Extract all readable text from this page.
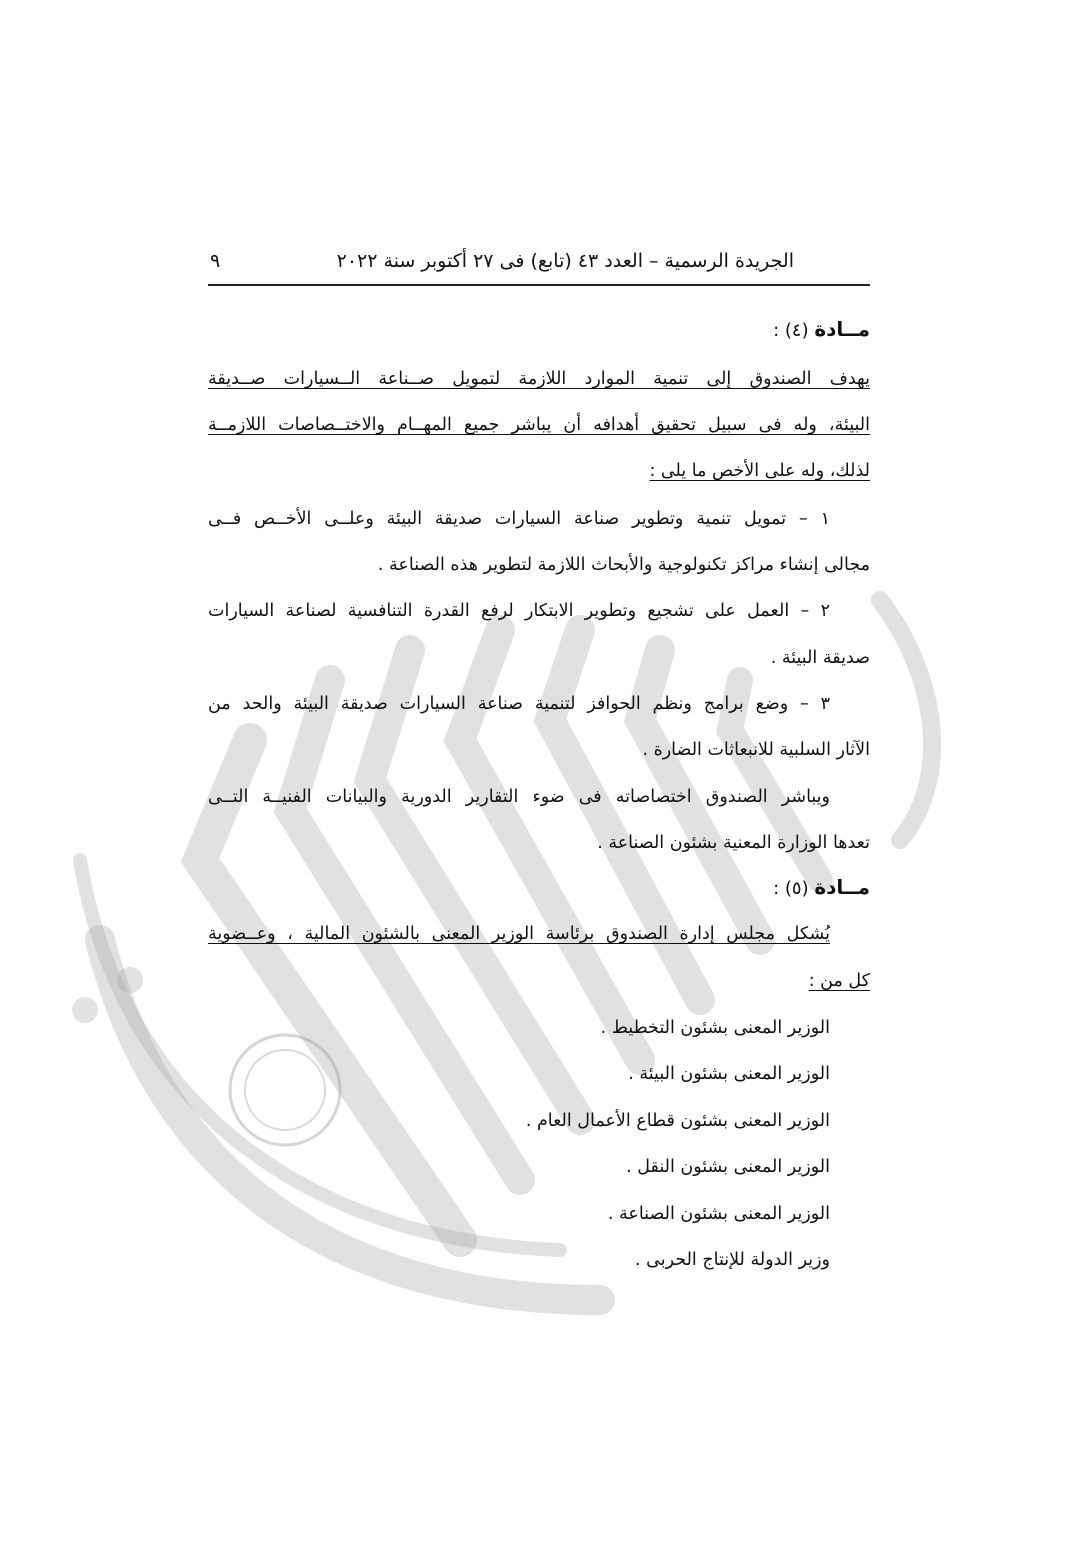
الجريدة الرسمية – العدد ٤٣ (تابع) فى ٢٧ أكتوبر سنة ٢٠٢٢
٩
مــادة (٤) :
يهدف الصندوق إلى تنمية الموارد اللازمة لتمويل صــناعة الــسيارات صــديقة
البيئة، وله فى سبيل تحقيق أهدافه أن يباشر جميع المهــام والاختــصاصات اللازمــة
لذلك، وله على الأخص ما يلى :
١ – تمويل تنمية وتطوير صناعة السيارات صديقة البيئة وعلــى الأخــص فــى
مجالى إنشاء مراكز تكنولوجية والأبحاث اللازمة لتطوير هذه الصناعة .
٢ – العمل على تشجيع وتطوير الابتكار لرفع القدرة التنافسية لصناعة السيارات
صديقة البيئة .
٣ – وضع برامج ونظم الحوافز لتنمية صناعة السيارات صديقة البيئة والحد من
الآثار السلبية للانبعاثات الضارة .
ويباشر الصندوق اختصاصاته فى ضوء التقارير الدورية والبيانات الفنيــة التــى
تعدها الوزارة المعنية بشئون الصناعة .
مــادة (٥) :
يُشكل مجلس إدارة الصندوق برئاسة الوزير المعنى بالشئون المالية ، وعــضوية
كل من :
الوزير المعنى بشئون التخطيط .
الوزير المعنى بشئون البيئة .
الوزير المعنى بشئون قطاع الأعمال العام .
الوزير المعنى بشئون النقل .
الوزير المعنى بشئون الصناعة .
وزير الدولة للإنتاج الحربى .
